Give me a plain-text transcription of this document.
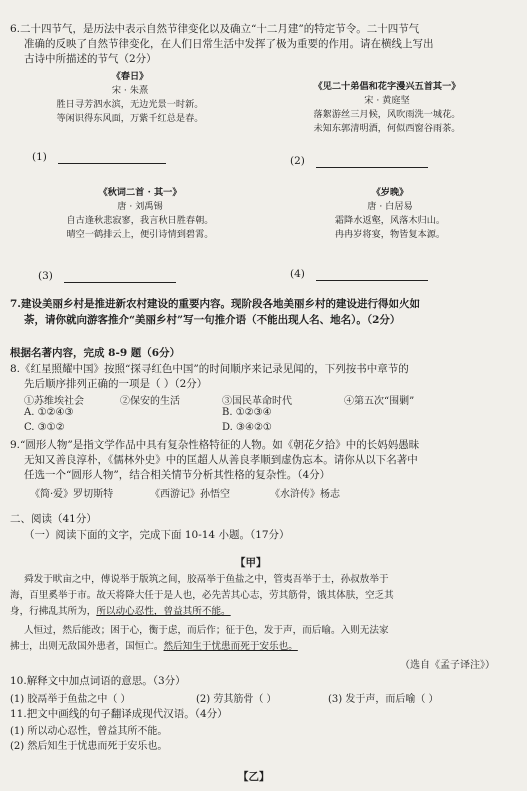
6.二十四节气，是历法中表示自然节律变化以及确立“十二月建”的特定节令。二十四节气
准确的反映了自然节律变化，在人们日常生活中发挥了极为重要的作用。请在横线上写出
古诗中所描述的节气（2分）
《春日》
宋 · 朱熹
胜日寻芳泗水滨，无边光景一时新。
等闲识得东风面，万紫千红总是春。
《见二十弟倡和花字漫兴五首其一》
宋 · 黄庭坚
落絮游丝三月候，风吹雨洗一城花。
未知东郭清明酒，何似西窗谷雨茶。
(1)	(2)
《秋词二首 · 其一》
唐 · 刘禹锡
自古逢秋悲寂寥，我言秋日胜春朝。
晴空一鹤排云上，便引诗情到碧霄。
《岁晚》
唐 · 白居易
霜降水返壑，风落木归山。
冉冉岁将宴，物皆复本源。
(3)	(4)
7.建设美丽乡村是推进新农村建设的重要内容。现阶段各地美丽乡村的建设进行得如火如
荼，请你就向游客推介“美丽乡村”写一句推介语（不能出现人名、地名）。（2分）
根据名著内容，完成 8-9 题（6分）
8.《红星照耀中国》按照“探寻红色中国”的时间顺序来记录见闻的，下列按书中章节的
先后顺序排列正确的一项是（ ）（2分）
①苏维埃社会	②保安的生活	③国民革命时代	④第五次“围剿”
A. ①②④③	B. ①②③④
C. ③①②	D. ③④②①
9.“圆形人物”是指文学作品中具有复杂性格特征的人物。如《朝花夕拾》中的长妈妈愚昧
无知又善良淳朴，《儒林外史》中的匡超人从善良孝顺到虚伪忘本。请你从以下名著中
任选一个“圆形人物”，结合相关情节分析其性格的复杂性。（4分）
《简·爱》罗切斯特	《西游记》孙悟空	《水浒传》杨志
二、阅读（41分）
（一）阅读下面的文字，完成下面 10-14 小题。（17分）
【甲】
舜发于畎亩之中，傅说举于版筑之间，胶鬲举于鱼盐之中，管夷吾举于士，孙叔敖举于
海，百里奚举于市。故天将降大任于是人也，必先苦其心志，劳其筋骨，饿其体肤，空乏其
身，行拂乱其所为，所以动心忍性，曾益其所不能。
人恒过，然后能改；困于心，衡于虑，而后作；征于色，发于声，而后喻。入则无法家
拂士，出则无敌国外患者，国恒亡。然后知生于忧患而死于安乐也。
（选自《孟子译注》）
10.解释文中加点词语的意思。（3分）
(1) 胶鬲举于鱼盐之中（ ）	(2) 劳其筋骨（ ）	(3) 发于声，而后喻（ ）
11.把文中画线的句子翻译成现代汉语。（4分）
(1) 所以动心忍性，曾益其所不能。
(2) 然后知生于忧患而死于安乐也。
【乙】
